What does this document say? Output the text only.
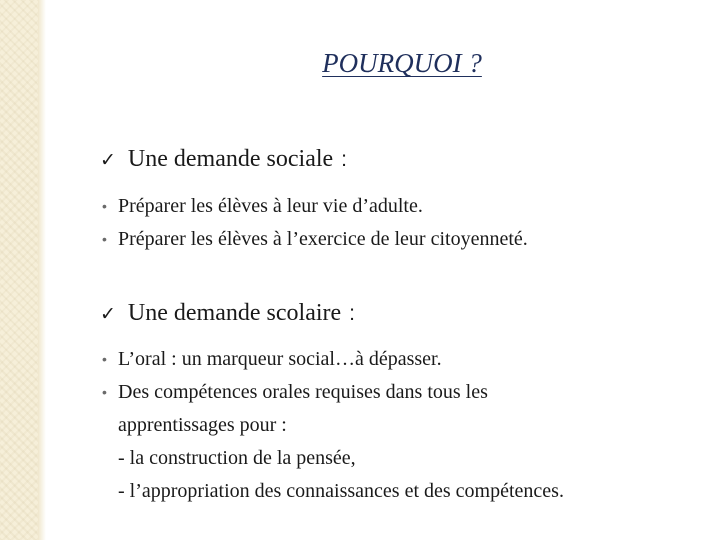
POURQUOI ?
✓ Une demande sociale :
• Préparer les élèves à leur vie d’adulte.
• Préparer les élèves à l’exercice de leur citoyenneté.
✓ Une demande scolaire :
• L’oral : un marqueur social…à dépasser.
• Des compétences orales requises dans tous les
apprentissages pour :
- la construction de la pensée,
- l’appropriation des connaissances et des compétences.
